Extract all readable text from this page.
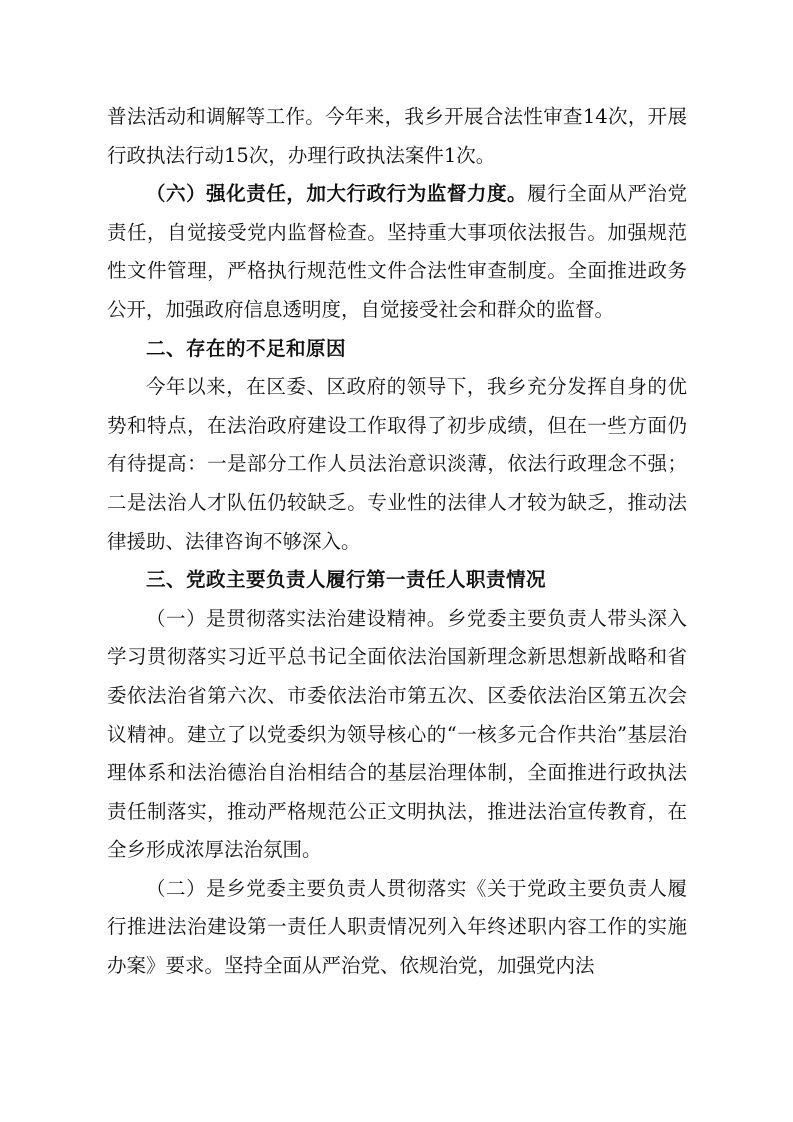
普法活动和调解等工作。今年来，我乡开展合法性审查14次，开展行政执法行动15次，办理行政执法案件1次。

（六）强化责任，加大行政行为监督力度。履行全面从严治党责任，自觉接受党内监督检查。坚持重大事项依法报告。加强规范性文件管理，严格执行规范性文件合法性审查制度。全面推进政务公开，加强政府信息透明度，自觉接受社会和群众的监督。

二、存在的不足和原因

今年以来，在区委、区政府的领导下，我乡充分发挥自身的优势和特点，在法治政府建设工作取得了初步成绩，但在一些方面仍有待提高：一是部分工作人员法治意识淡薄，依法行政理念不强；二是法治人才队伍仍较缺乏。专业性的法律人才较为缺乏，推动法律援助、法律咨询不够深入。

三、党政主要负责人履行第一责任人职责情况

（一）是贯彻落实法治建设精神。乡党委主要负责人带头深入学习贯彻落实习近平总书记全面依法治国新理念新思想新战略和省委依法治省第六次、市委依法治市第五次、区委依法治区第五次会议精神。建立了以党委织为领导核心的“一核多元合作共治”基层治理体系和法治德治自治相结合的基层治理体制，全面推进行政执法责任制落实，推动严格规范公正文明执法，推进法治宣传教育，在全乡形成浓厚法治氛围。

（二）是乡党委主要负责人贯彻落实《关于党政主要负责人履行推进法治建设第一责任人职责情况列入年终述职内容工作的实施办案》要求。坚持全面从严治党、依规治党，加强党内法
